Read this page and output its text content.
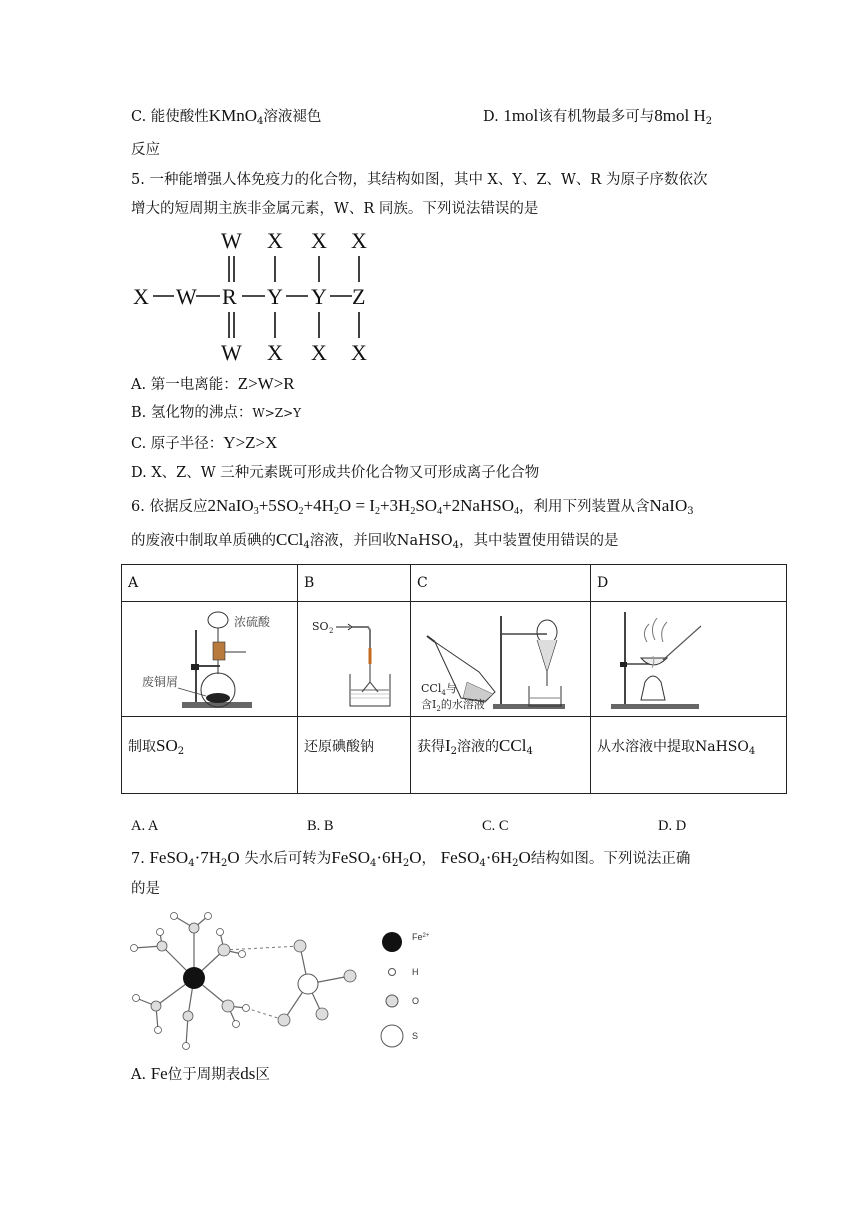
C. 能使酸性KMnO$_4$溶液褪色	D. 1mol该有机物最多可与8mol $H_2$
反应
5. 一种能增强人体免疫力的化合物，其结构如图，其中 X、Y、Z、W、R 为原子序数依次
增大的短周期主族非金属元素，W、R 同族。下列说法错误的是
W X X X
X W R Y Y Z
W X X X
A. 第一电离能：Z>W>R
B. 氢化物的沸点：W>Z>Y
C. 原子半径：Y>Z>X
D. X、Z、W 三种元素既可形成共价化合物又可形成离子化合物
6. 依据反应$2NaIO_3+5SO_2+4H_2O$ = $I_2+3H_2SO_4+2NaHSO_4$，利用下列装置从含NaIO$_3$
的废液中制取单质碘的CCl$_4$溶液，并回收NaHSO$_4$，其中装置使用错误的是
A	B	C	D

浓硫酸
废铜屑	SO 2	CCl$_4$与
含$I_2$的水溶液

制取$SO_2$	还原碘酸钠	获得$I_2$溶液的CCl$_4$	从水溶液中提取NaHSO$_4$
A. A	B. B	C. C	D. D
7. $FeSO_4\cdot 7H_2O$ 失水后可转为$FeSO_4\cdot 6H_2O$， $FeSO_4\cdot 6H_2O$结构如图。下列说法正确
的是
$Fe^{2+}$
H
O
S
A. Fe位于周期表ds区
